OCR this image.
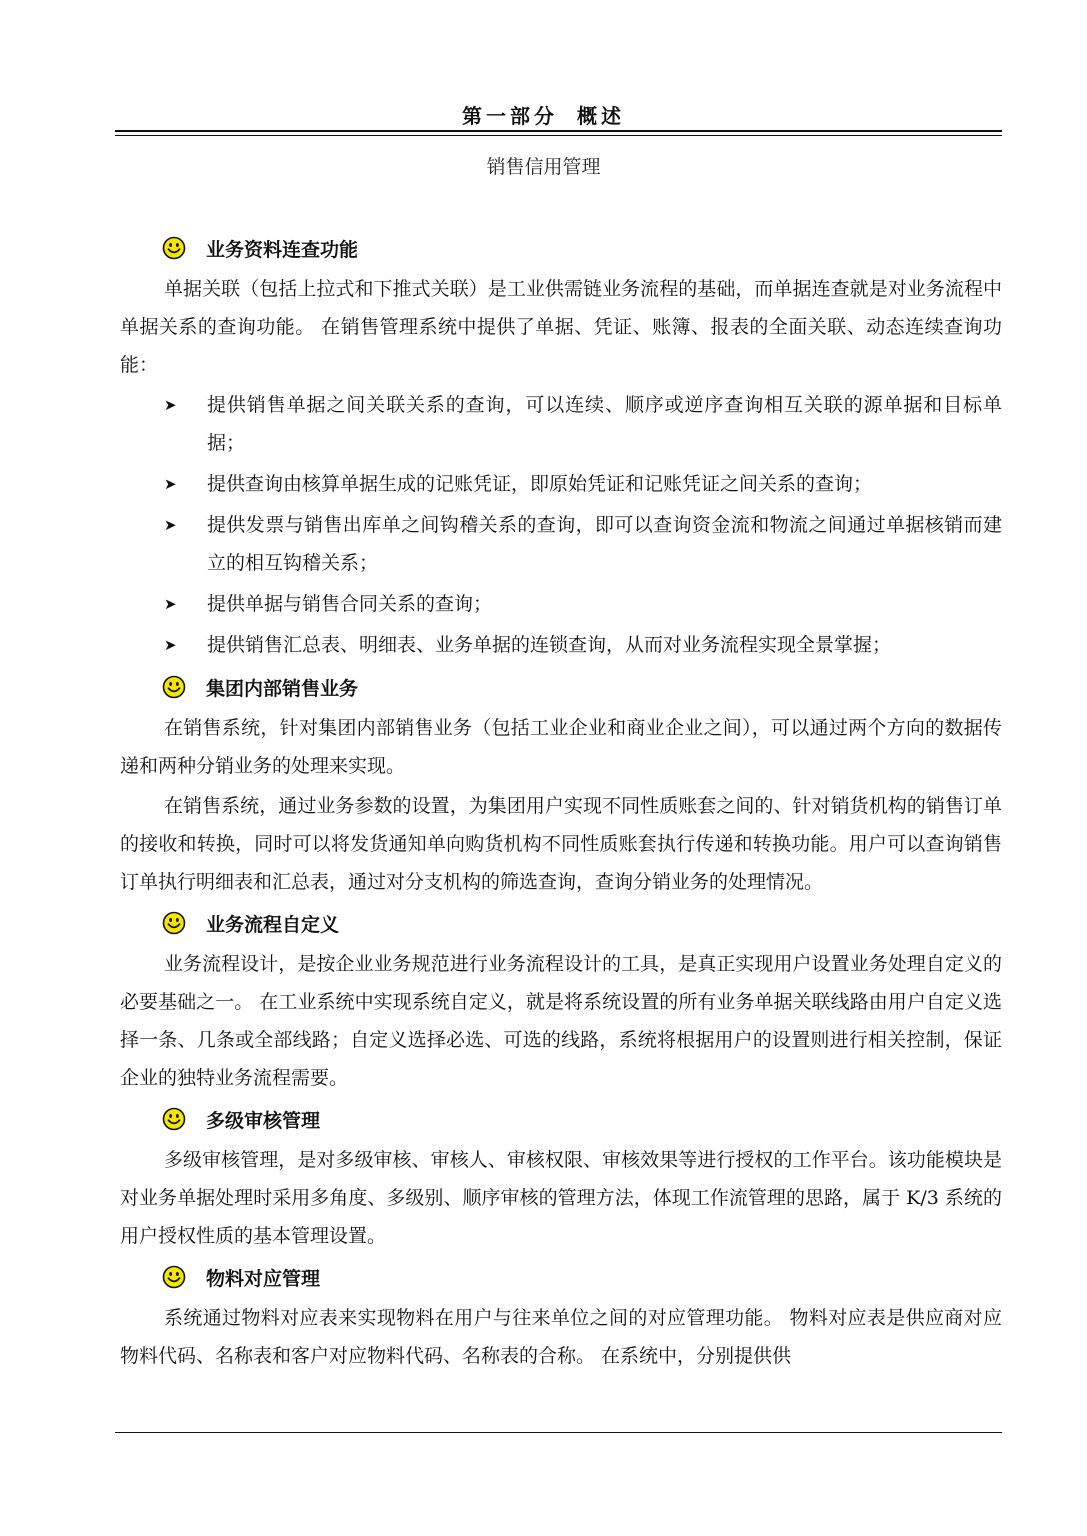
第一部分 概述
销售信用管理
业务资料连查功能

单据关联（包括上拉式和下推式关联）是工业供需链业务流程的基础，而单据连查就是对业务流程中单据关系的查询功能。 在销售管理系统中提供了单据、凭证、账簿、报表的全面关联、动态连续查询功能：

➤ 提供销售单据之间关联关系的查询，可以连续、顺序或逆序查询相互关联的源单据和目标单据；
➤ 提供查询由核算单据生成的记账凭证，即原始凭证和记账凭证之间关系的查询；
➤ 提供发票与销售出库单之间钩稽关系的查询，即可以查询资金流和物流之间通过单据核销而建立的相互钩稽关系；
➤ 提供单据与销售合同关系的查询；
➤ 提供销售汇总表、明细表、业务单据的连锁查询，从而对业务流程实现全景掌握；
集团内部销售业务

在销售系统，针对集团内部销售业务（包括工业企业和商业企业之间），可以通过两个方向的数据传递和两种分销业务的处理来实现。

在销售系统，通过业务参数的设置，为集团用户实现不同性质账套之间的、针对销货机构的销售订单的接收和转换，同时可以将发货通知单向购货机构不同性质账套执行传递和转换功能。用户可以查询销售订单执行明细表和汇总表，通过对分支机构的筛选查询，查询分销业务的处理情况。

业务流程自定义

业务流程设计，是按企业业务规范进行业务流程设计的工具，是真正实现用户设置业务处理自定义的必要基础之一。 在工业系统中实现系统自定义，就是将系统设置的所有业务单据关联线路由用户自定义选择一条、几条或全部线路；自定义选择必选、可选的线路，系统将根据用户的设置则进行相关控制，保证企业的独特业务流程需要。

多级审核管理

多级审核管理，是对多级审核、审核人、审核权限、审核效果等进行授权的工作平台。该功能模块是对业务单据处理时采用多角度、多级别、顺序审核的管理方法，体现工作流管理的思路，属于 K/3 系统的用户授权性质的基本管理设置。

物料对应管理

系统通过物料对应表来实现物料在用户与往来单位之间的对应管理功能。 物料对应表是供应商对应物料代码、名称表和客户对应物料代码、名称表的合称。 在系统中，分别提供供
